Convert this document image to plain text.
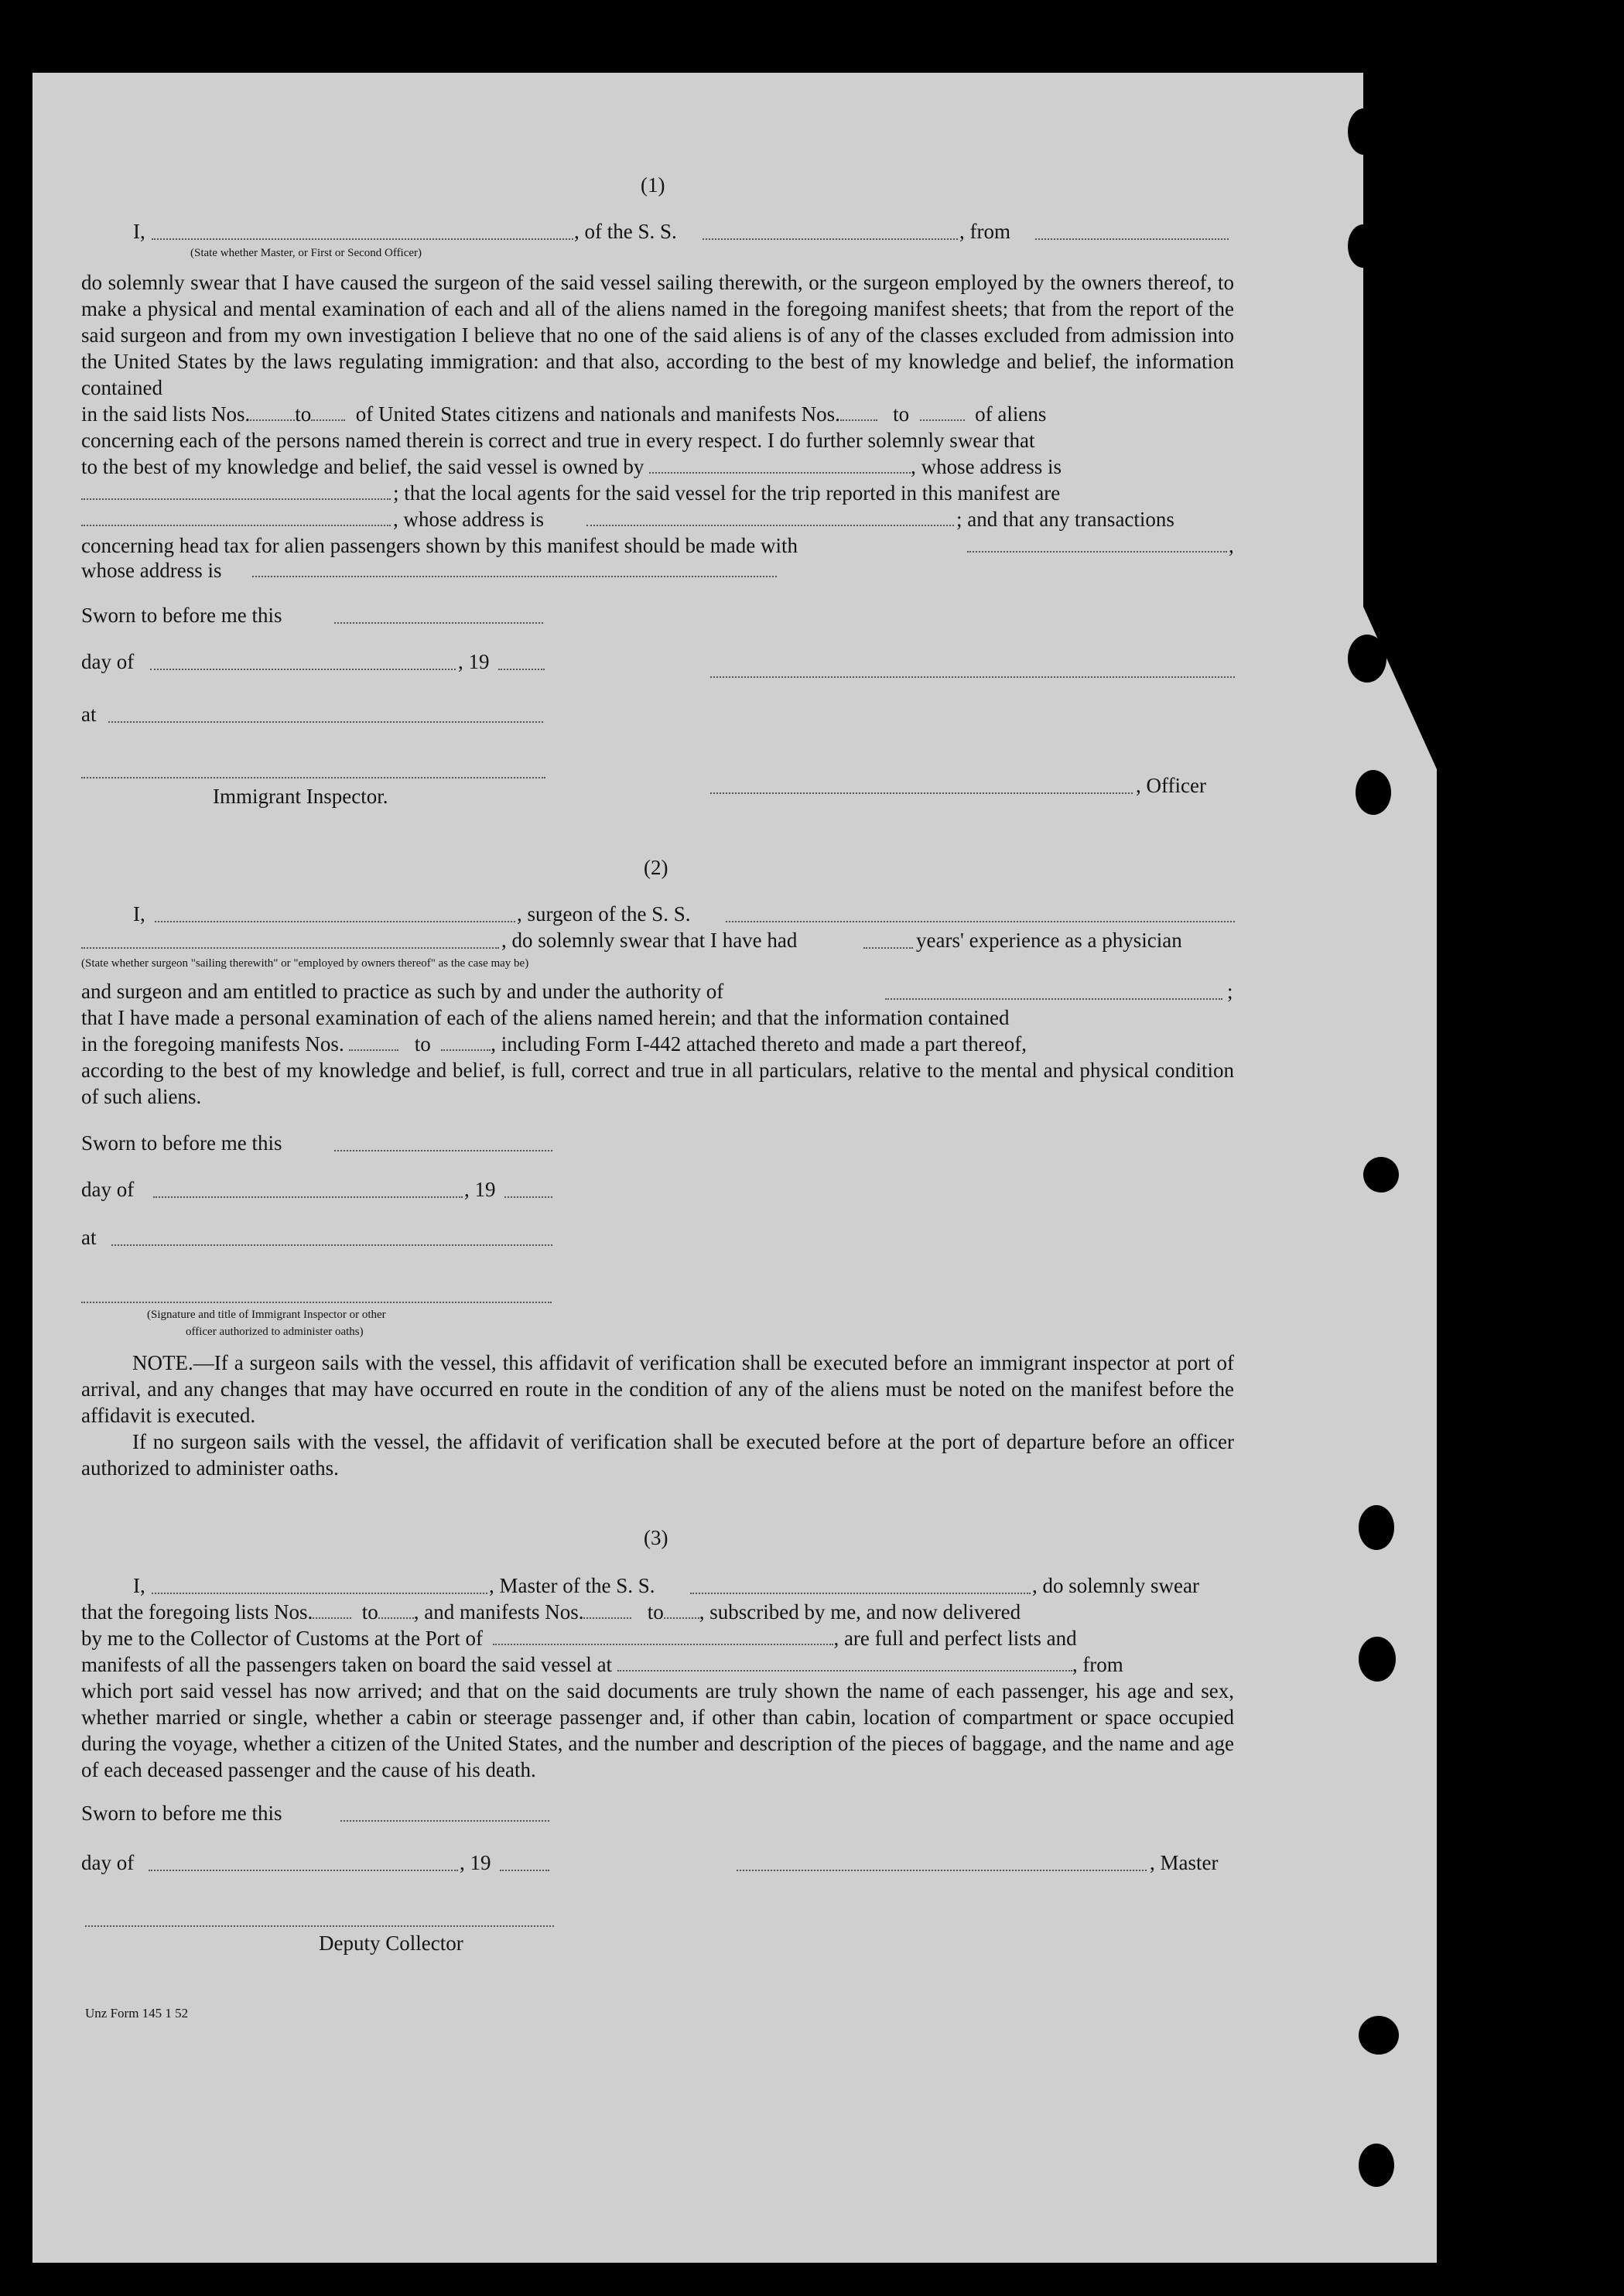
(1)
I,	, of the S. S.	, from
(State whether Master, or First or Second Officer)
do solemnly swear that I have caused the surgeon of the said vessel sailing therewith, or the surgeon employed by the owners thereof, to make a physical and mental examination of each and all of the aliens named in the foregoing manifest sheets; that from the report of the said surgeon and from my own investigation I believe that no one of the said aliens is of any of the classes excluded from admission into the United States by the laws regulating immigration: and that also, according to the best of my knowledge and belief, the information contained
in the said lists Nos. to of United States citizens and nationals and manifests Nos.	to	of aliens
concerning each of the persons named therein is correct and true in every respect. I do further solemnly swear that
to the best of my knowledge and belief, the said vessel is owned by	, whose address is
; that the local agents for the said vessel for the trip reported in this manifest are
, whose address is	; and that any transactions
concerning head tax for alien passengers shown by this manifest should be made with	,
whose address is
Sworn to before me this
day of	, 19
at
Immigrant Inspector.	, Officer
(2)
I,	, surgeon of the S. S.
, do solemnly swear that I have had	years' experience as a physician
(State whether surgeon "sailing therewith" or "employed by owners thereof" as the case may be)
and surgeon and am entitled to practice as such by and under the authority of	;
that I have made a personal examination of each of the aliens named herein; and that the information contained
in the foregoing manifests Nos.	to	, including Form I-442 attached thereto and made a part thereof,
according to the best of my knowledge and belief, is full, correct and true in all particulars, relative to the mental and physical condition of such aliens.
Sworn to before me this
day of	, 19
at
(Signature and title of Immigrant Inspector or other
officer authorized to administer oaths)
NOTE.—If a surgeon sails with the vessel, this affidavit of verification shall be executed before an immigrant inspector at port of arrival, and any changes that may have occurred en route in the condition of any of the aliens must be noted on the manifest before the affidavit is executed.
If no surgeon sails with the vessel, the affidavit of verification shall be executed before at the port of departure before an officer authorized to administer oaths.
(3)
I,	, Master of the S. S.	, do solemnly swear
that the foregoing lists Nos. to , and manifests Nos.	to , subscribed by me, and now delivered
by me to the Collector of Customs at the Port of	, are full and perfect lists and
manifests of all the passengers taken on board the said vessel at	, from
which port said vessel has now arrived; and that on the said documents are truly shown the name of each passenger, his age and sex, whether married or single, whether a cabin or steerage passenger and, if other than cabin, location of compartment or space occupied during the voyage, whether a citizen of the United States, and the number and description of the pieces of baggage, and the name and age of each deceased passenger and the cause of his death.
Sworn to before me this
day of	, 19	, Master
Deputy Collector
Unz Form 145 1 52
